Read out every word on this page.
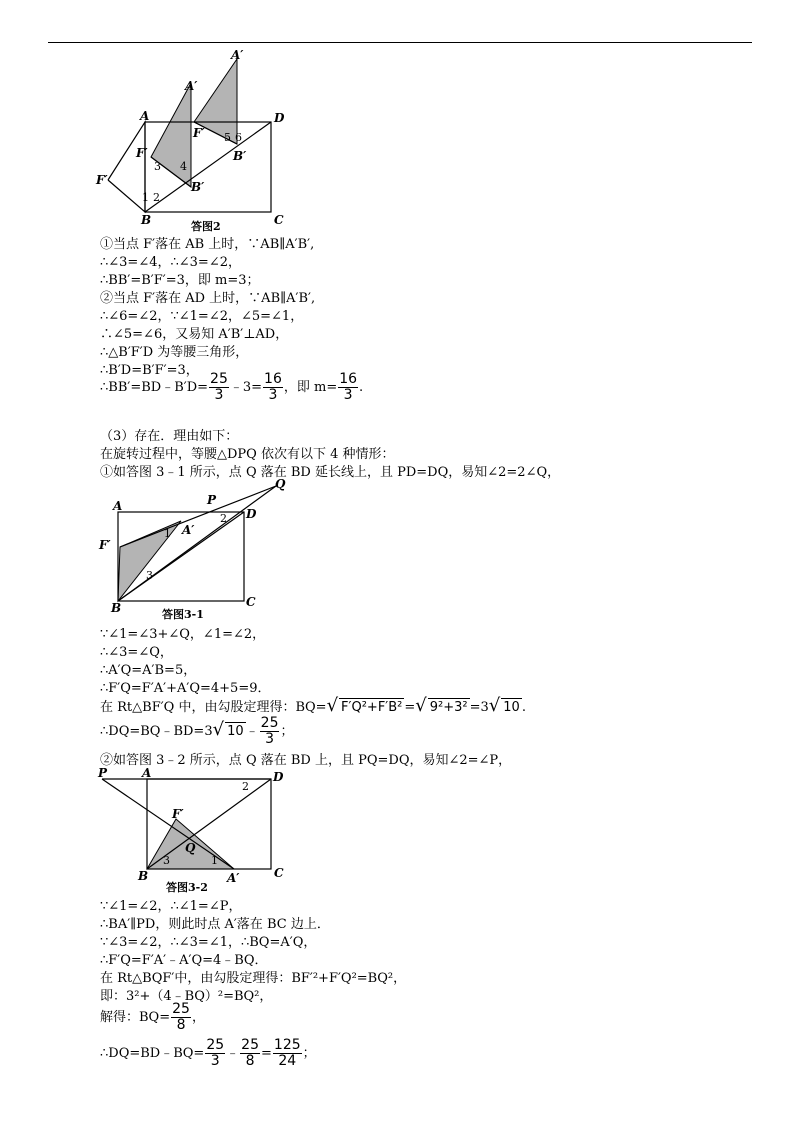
A
B	C
D
A′
A′
F′
F′
F′
B′
B′
3 4
1 2
5 6
答图2
①当点 F′落在 AB 上时，∵AB∥A′B′,
∴∠3=∠4，∴∠3=∠2，
∴BB′=B′F′=3，即 m=3；
②当点 F′落在 AD 上时，∵AB∥A′B′,
∴∠6=∠2，∵∠1=∠2，∠5=∠1，
∴∠5=∠6，又易知 A′B′⊥AD，
∴△B′F′D 为等腰三角形，
∴B′D=B′F′=3，
∴BB′=BD﹣B′D= $\frac{25}{3}$ ﹣3= $\frac{16}{3}$ ，即 $m= \frac{16}{3}$ .
（3）存在．理由如下：
在旋转过程中，等腰△DPQ 依次有以下 4 种情形：
①如答图 3﹣1 所示，点 Q 落在 BD 延长线上，且 PD=DQ，易知∠2=2∠Q，
A
B	C
D
P
Q
A′
F′
1
2
3
答图3-1
∵∠1=∠3+∠Q，∠1=∠2，
∴∠3=∠Q，
∴A′Q=A′B=5，
∴F′Q=F′A′+A′Q=4+5=9．
在 Rt△BF′Q 中，由勾股定理得：BQ=√ F′Q²+F′B² =√ 9²+3² =3√ 10 .
∴DQ=BQ﹣BD=3√ 10 ﹣ $\frac{25}{3}$ ；
②如答图 3﹣2 所示，点 Q 落在 BD 上，且 PQ=DQ，易知∠2=∠P，
A
B	C
D
P
Q
A′
F′
1
2
3
答图3-2
∵∠1=∠2，∴∠1=∠P，
∴BA′∥PD，则此时点 A′落在 BC 边上．
∵∠3=∠2，∴∠3=∠1，∴BQ=A′Q，
∴F′Q=F′A′﹣A′Q=4﹣BQ．
在 Rt△BQF′中，由勾股定理得：BF′²+F′Q²=BQ²，
即：3²+（4﹣BQ）²=BQ²，
解得：$BQ= \frac{25}{8}$ ，
∴DQ=BD﹣BQ= $\frac{25}{3}$ ﹣ $\frac{25}{8} = \frac{125}{24}$ ；
